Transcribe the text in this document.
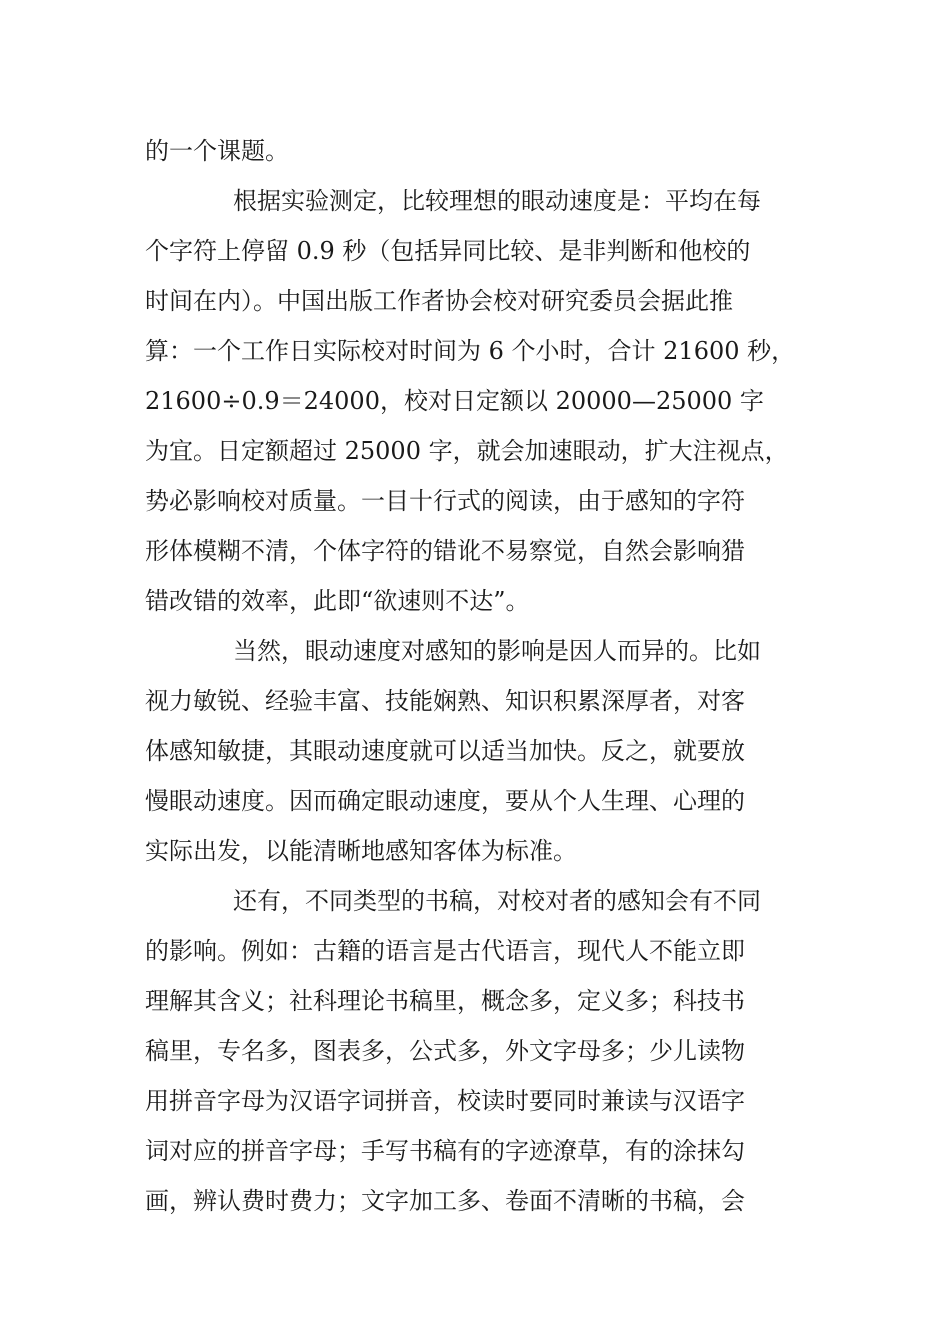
的一个课题。
根据实验测定，比较理想的眼动速度是：平均在每
个字符上停留 0.9 秒（包括异同比较、是非判断和他校的
时间在内）。中国出版工作者协会校对研究委员会据此推
算：一个工作日实际校对时间为 6 个小时，合计 21600 秒，
21600÷0.9＝24000，校对日定额以 20000—25000 字
为宜。日定额超过 25000 字，就会加速眼动，扩大注视点，
势必影响校对质量。一目十行式的阅读，由于感知的字符
形体模糊不清，个体字符的错讹不易察觉，自然会影响猎
错改错的效率，此即“欲速则不达”。
当然，眼动速度对感知的影响是因人而异的。比如
视力敏锐、经验丰富、技能娴熟、知识积累深厚者，对客
体感知敏捷，其眼动速度就可以适当加快。反之，就要放
慢眼动速度。因而确定眼动速度，要从个人生理、心理的
实际出发，以能清晰地感知客体为标准。
还有，不同类型的书稿，对校对者的感知会有不同
的影响。例如：古籍的语言是古代语言，现代人不能立即
理解其含义；社科理论书稿里，概念多，定义多；科技书
稿里，专名多，图表多，公式多，外文字母多；少儿读物
用拼音字母为汉语字词拼音，校读时要同时兼读与汉语字
词对应的拼音字母；手写书稿有的字迹潦草，有的涂抹勾
画，辨认费时费力；文字加工多、卷面不清晰的书稿，会
